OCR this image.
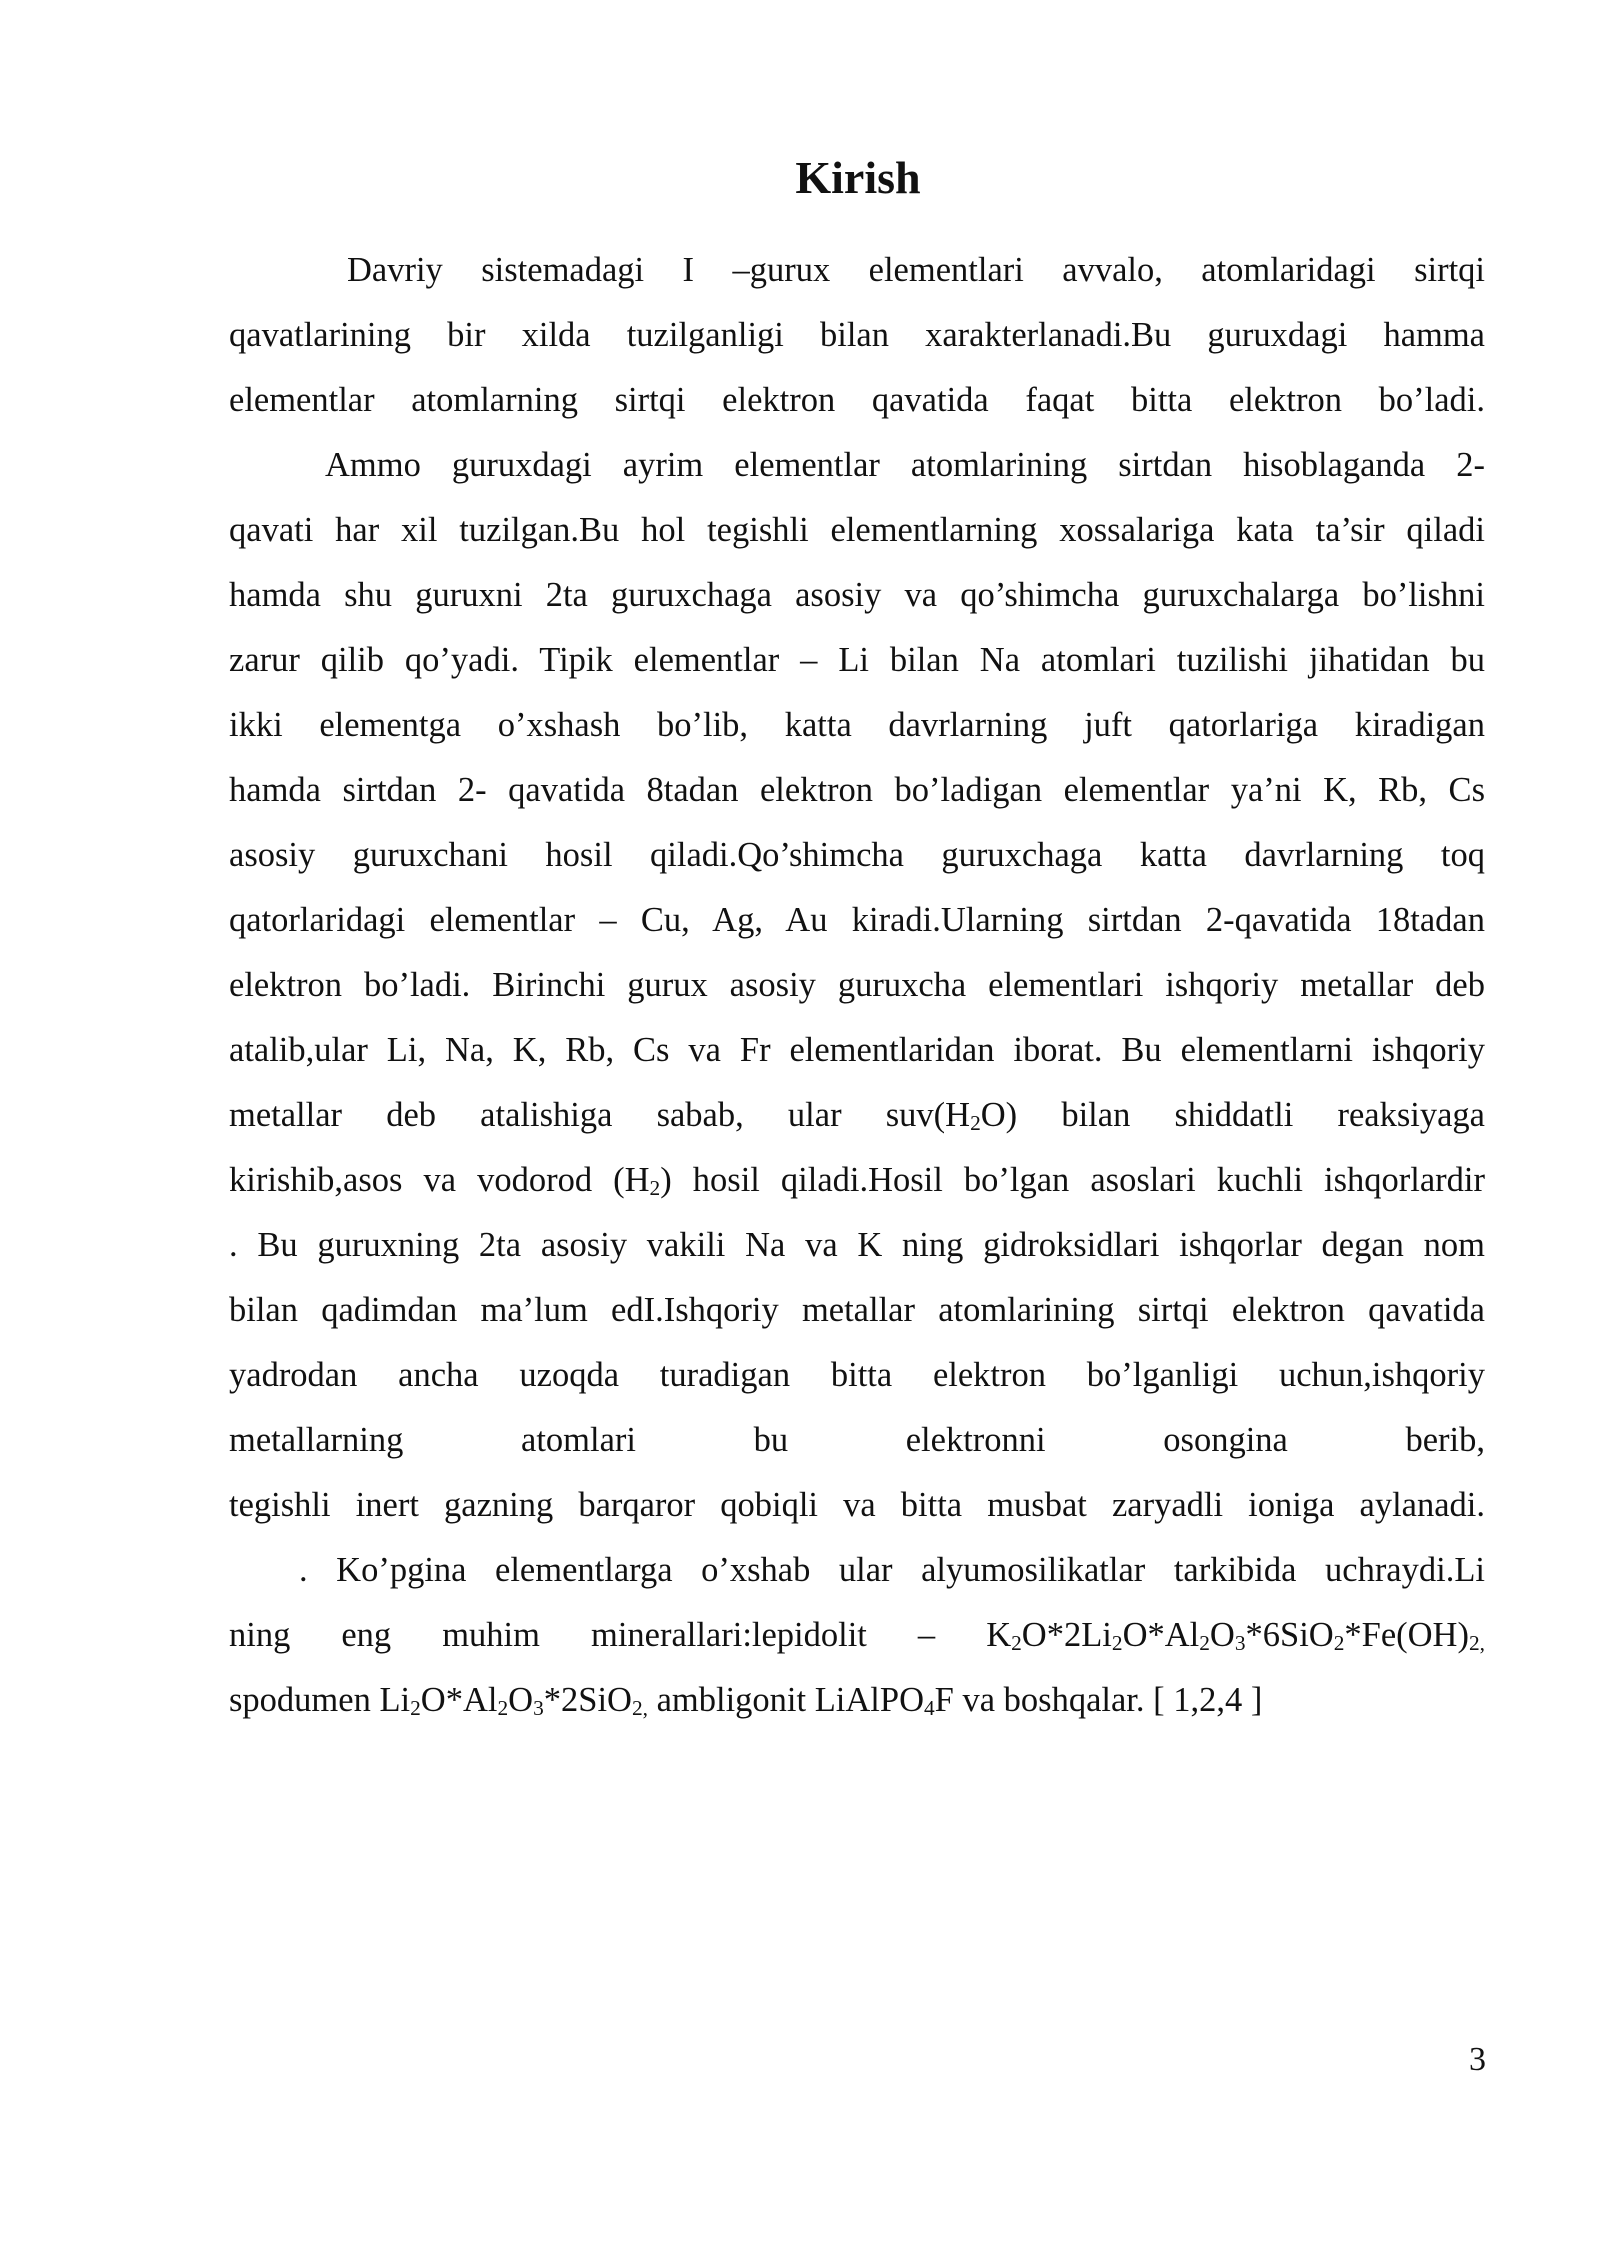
Kirish
Davriy sistemadagi I –gurux elementlari avvalo, atomlaridagi sirtqi
qavatlarining bir xilda tuzilganligi bilan xarakterlanadi.Bu guruxdagi hamma
elementlar atomlarning sirtqi elektron qavatida faqat bitta elektron bo’ladi.
Ammo guruxdagi ayrim elementlar atomlarining sirtdan hisoblaganda 2-
qavati har xil tuzilgan.Bu hol tegishli elementlarning xossalariga kata ta’sir qiladi
hamda shu guruxni 2ta guruxchaga asosiy va qo’shimcha guruxchalarga bo’lishni
zarur qilib qo’yadi. Tipik elementlar – Li bilan Na atomlari tuzilishi jihatidan bu
ikki elementga o’xshash bo’lib, katta davrlarning juft qatorlariga kiradigan
hamda sirtdan 2- qavatida 8tadan elektron bo’ladigan elementlar ya’ni K, Rb, Cs
asosiy guruxchani hosil qiladi.Qo’shimcha guruxchaga katta davrlarning toq
qatorlaridagi elementlar – Cu, Ag, Au kiradi.Ularning sirtdan 2-qavatida 18tadan
elektron bo’ladi. Birinchi gurux asosiy guruxcha elementlari ishqoriy metallar deb
atalib,ular Li, Na, K, Rb, Cs va Fr elementlaridan iborat. Bu elementlarni ishqoriy
metallar deb atalishiga sabab, ular $suv(H_2O)$ bilan shiddatli reaksiyaga
kirishib,asos va vodorod $(H_2)$ hosil qiladi.Hosil bo’lgan asoslari kuchli ishqorlardir
. Bu guruxning 2ta asosiy vakili Na va K ning gidroksidlari ishqorlar degan nom
bilan qadimdan ma’lum edI.Ishqoriy metallar atomlarining sirtqi elektron qavatida
yadrodan ancha uzoqda turadigan bitta elektron bo’lganligi uchun,ishqoriy
metallarning atomlari bu elektronni osongina berib,
tegishli inert gazning barqaror qobiqli va bitta musbat zaryadli ioniga aylanadi.
. Ko’pgina elementlarga o’xshab ular alyumosilikatlar tarkibida uchraydi.Li
ning eng muhim minerallari:lepidolit – $K_2O*2Li_2O*Al_2O_3*6SiO_2*Fe(OH)_{2,}$
spodumen $Li_2O*Al_2O_3*2SiO_{2,}$ ambligonit LiAlPO$_4$F va boshqalar. [ 1,2,4 ]
3
